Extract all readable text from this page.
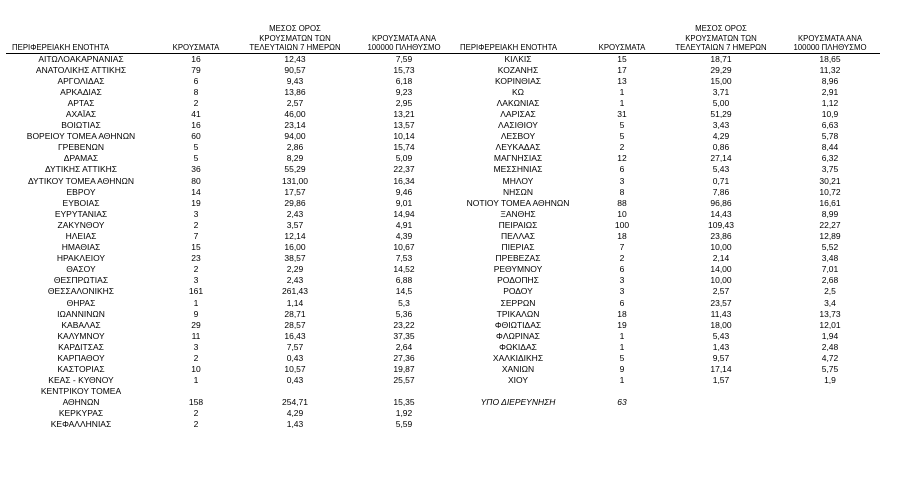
ΠΕΡΙΦΕΡΕΙΑΚΗ ΕΝΟΤΗΤΑ	ΚΡΟΥΣΜΑΤΑ	ΜΕΣΟΣ ΟΡΟΣ ΚΡΟΥΣΜΑΤΩΝ ΤΩΝ ΤΕΛΕΥΤΑΙΩΝ 7 ΗΜΕΡΩΝ	ΚΡΟΥΣΜΑΤΑ ΑΝΑ 100000 ΠΛΗΘΥΣΜΟ
ΑΙΤΩΛΟΑΚΑΡΝΑΝΙΑΣ	16	12,43	7,59
ΑΝΑΤΟΛΙΚΗΣ ΑΤΤΙΚΗΣ	79	90,57	15,73
ΑΡΓΟΛΙΔΑΣ	6	9,43	6,18
ΑΡΚΑΔΙΑΣ	8	13,86	9,23
ΑΡΤΑΣ	2	2,57	2,95
ΑΧΑΪΑΣ	41	46,00	13,21
ΒΟΙΩΤΙΑΣ	16	23,14	13,57
ΒΟΡΕΙΟΥ ΤΟΜΕΑ ΑΘΗΝΩΝ	60	94,00	10,14
ΓΡΕΒΕΝΩΝ	5	2,86	15,74
ΔΡΑΜΑΣ	5	8,29	5,09
ΔΥΤΙΚΗΣ ΑΤΤΙΚΗΣ	36	55,29	22,37
ΔΥΤΙΚΟΥ ΤΟΜΕΑ ΑΘΗΝΩΝ	80	131,00	16,34
ΕΒΡΟΥ	14	17,57	9,46
ΕΥΒΟΙΑΣ	19	29,86	9,01
ΕΥΡΥΤΑΝΙΑΣ	3	2,43	14,94
ΖΑΚΥΝΘΟΥ	2	3,57	4,91
ΗΛΕΙΑΣ	7	12,14	4,39
ΗΜΑΘΙΑΣ	15	16,00	10,67
ΗΡΑΚΛΕΙΟΥ	23	38,57	7,53
ΘΑΣΟΥ	2	2,29	14,52
ΘΕΣΠΡΩΤΙΑΣ	3	2,43	6,88
ΘΕΣΣΑΛΟΝΙΚΗΣ	161	261,43	14,5
ΘΗΡΑΣ	1	1,14	5,3
ΙΩΑΝΝΙΝΩΝ	9	28,71	5,36
ΚΑΒΑΛΑΣ	29	28,57	23,22
ΚΑΛΥΜΝΟΥ	11	16,43	37,35
ΚΑΡΔΙΤΣΑΣ	3	7,57	2,64
ΚΑΡΠΑΘΟΥ	2	0,43	27,36
ΚΑΣΤΟΡΙΑΣ	10	10,57	19,87
ΚΕΑΣ - ΚΥΘΝΟΥ	1	0,43	25,57
ΚΕΝΤΡΙΚΟΥ ΤΟΜΕΑ ΑΘΗΝΩΝ	158	254,71	15,35
ΚΕΡΚΥΡΑΣ	2	4,29	1,92
ΚΕΦΑΛΛΗΝΙΑΣ	2	1,43	5,59
ΠΕΡΙΦΕΡΕΙΑΚΗ ΕΝΟΤΗΤΑ	ΚΡΟΥΣΜΑΤΑ	ΜΕΣΟΣ ΟΡΟΣ ΚΡΟΥΣΜΑΤΩΝ ΤΩΝ ΤΕΛΕΥΤΑΙΩΝ 7 ΗΜΕΡΩΝ	ΚΡΟΥΣΜΑΤΑ ΑΝΑ 100000 ΠΛΗΘΥΣΜΟ
ΚΙΛΚΙΣ	15	18,71	18,65
ΚΟΖΑΝΗΣ	17	29,29	11,32
ΚΟΡΙΝΘΙΑΣ	13	15,00	8,96
ΚΩ	1	3,71	2,91
ΛΑΚΩΝΙΑΣ	1	5,00	1,12
ΛΑΡΙΣΑΣ	31	51,29	10,9
ΛΑΣΙΘΙΟΥ	5	3,43	6,63
ΛΕΣΒΟΥ	5	4,29	5,78
ΛΕΥΚΑΔΑΣ	2	0,86	8,44
ΜΑΓΝΗΣΙΑΣ	12	27,14	6,32
ΜΕΣΣΗΝΙΑΣ	6	5,43	3,75
ΜΗΛΟΥ	3	0,71	30,21
ΝΗΣΩΝ	8	7,86	10,72
ΝΟΤΙΟΥ ΤΟΜΕΑ ΑΘΗΝΩΝ	88	96,86	16,61
ΞΑΝΘΗΣ	10	14,43	8,99
ΠΕΙΡΑΙΩΣ	100	109,43	22,27
ΠΕΛΛΑΣ	18	23,86	12,89
ΠΙΕΡΙΑΣ	7	10,00	5,52
ΠΡΕΒΕΖΑΣ	2	2,14	3,48
ΡΕΘΥΜΝΟΥ	6	14,00	7,01
ΡΟΔΟΠΗΣ	3	10,00	2,68
ΡΟΔΟΥ	3	2,57	2,5
ΣΕΡΡΩΝ	6	23,57	3,4
ΤΡΙΚΑΛΩΝ	18	11,43	13,73
ΦΘΙΩΤΙΔΑΣ	19	18,00	12,01
ΦΛΩΡΙΝΑΣ	1	5,43	1,94
ΦΩΚΙΔΑΣ	1	1,43	2,48
ΧΑΛΚΙΔΙΚΗΣ	5	9,57	4,72
ΧΑΝΙΩΝ	9	17,14	5,75
ΧΙΟΥ	1	1,57	1,9

ΥΠΟ ΔΙΕΡΕΥΝΗΣΗ	63		
